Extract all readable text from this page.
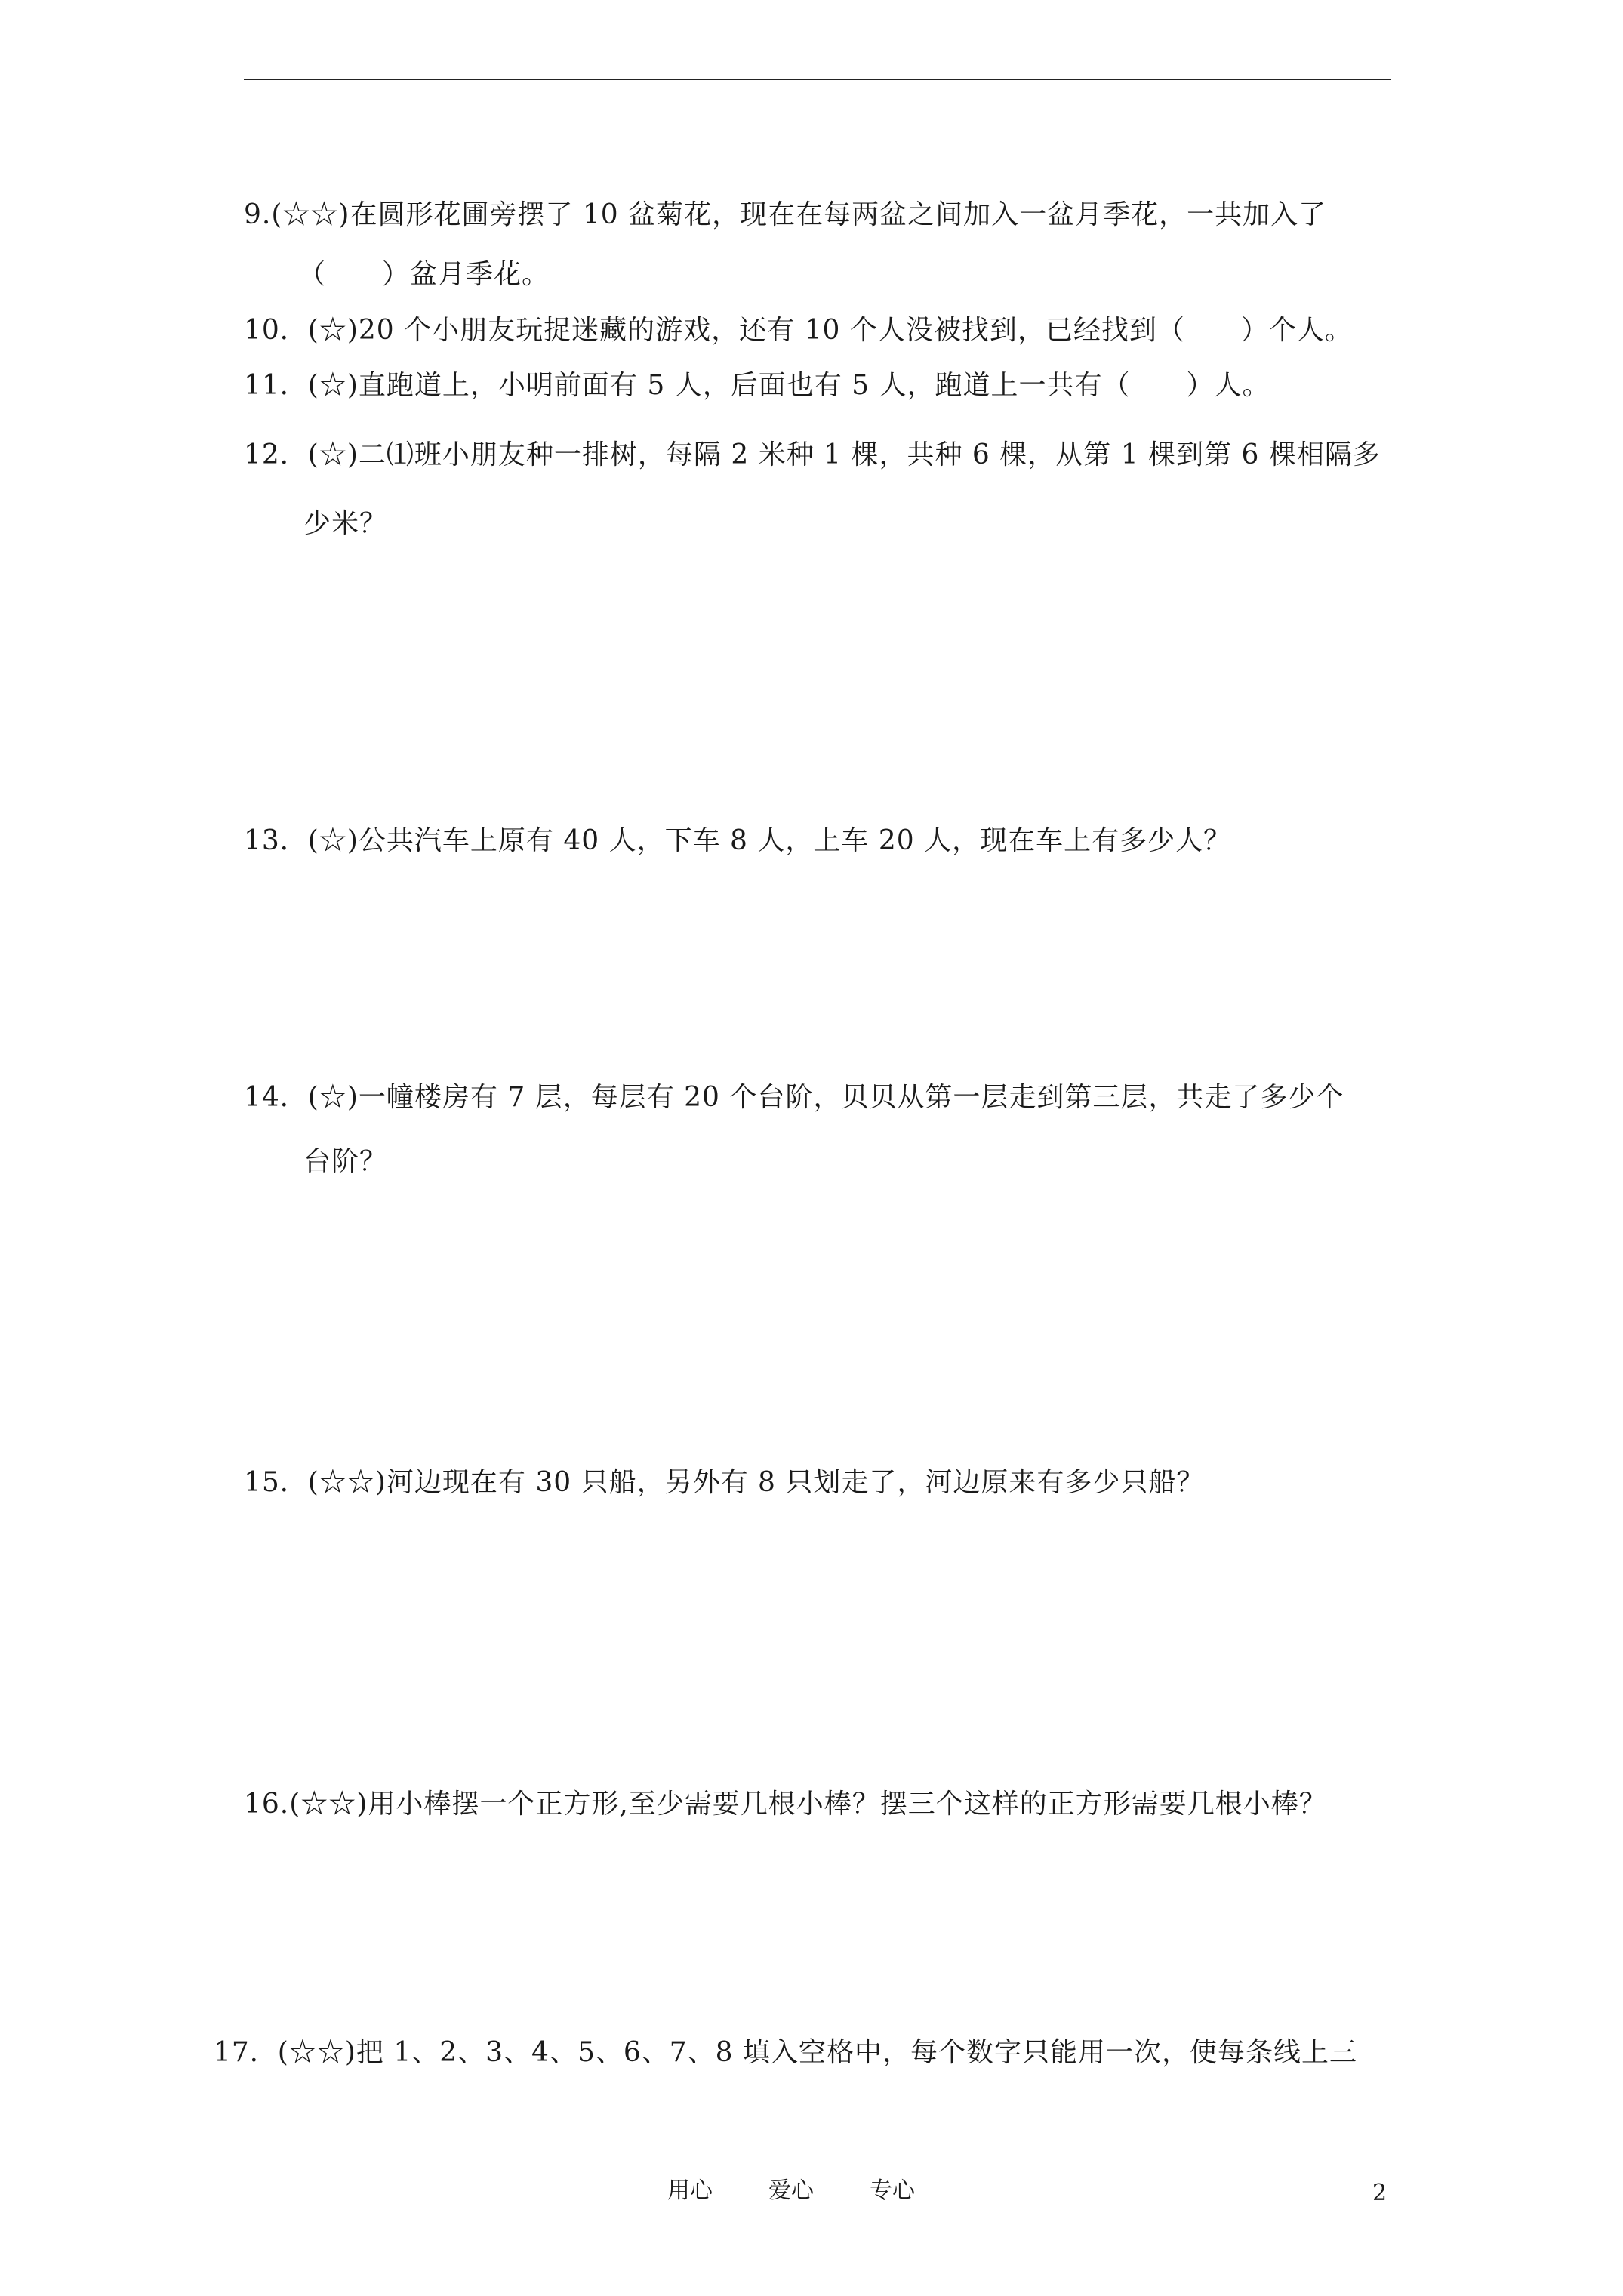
9.(☆☆)在圆形花圃旁摆了 10 盆菊花，现在在每两盆之间加入一盆月季花，一共加入了
（　　）盆月季花。
10．(☆)20 个小朋友玩捉迷藏的游戏，还有 10 个人没被找到，已经找到（　　）个人。
11．(☆)直跑道上，小明前面有 5 人，后面也有 5 人，跑道上一共有（　　）人。
12．(☆)二⑴班小朋友种一排树，每隔 2 米种 1 棵，共种 6 棵，从第 1 棵到第 6 棵相隔多
少米？
13．(☆)公共汽车上原有 40 人，下车 8 人，上车 20 人，现在车上有多少人？
14．(☆)一幢楼房有 7 层，每层有 20 个台阶，贝贝从第一层走到第三层，共走了多少个
台阶？
15．(☆☆)河边现在有 30 只船，另外有 8 只划走了，河边原来有多少只船？
16.(☆☆)用小棒摆一个正方形,至少需要几根小棒？摆三个这样的正方形需要几根小棒？
17．(☆☆)把 1、2、3、4、5、6、7、8 填入空格中，每个数字只能用一次，使每条线上三
用心 爱心 专心	2
